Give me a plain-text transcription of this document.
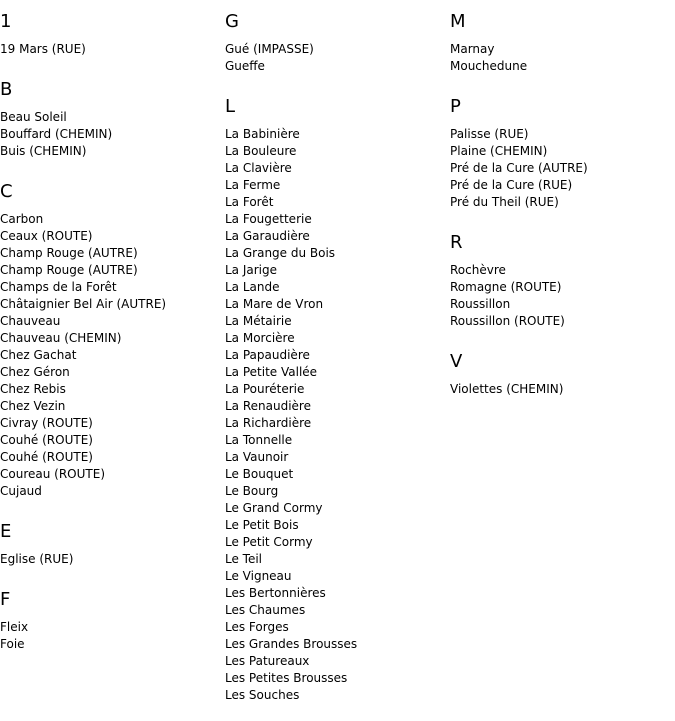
1
19 Mars (RUE)
B
Beau Soleil
Bouffard (CHEMIN)
Buis (CHEMIN)
C
Carbon
Ceaux (ROUTE)
Champ Rouge (AUTRE)
Champ Rouge (AUTRE)
Champs de la Forêt
Châtaignier Bel Air (AUTRE)
Chauveau
Chauveau (CHEMIN)
Chez Gachat
Chez Géron
Chez Rebis
Chez Vezin
Civray (ROUTE)
Couhé (ROUTE)
Couhé (ROUTE)
Coureau (ROUTE)
Cujaud
E
Eglise (RUE)
F
Fleix
Foie
G
Gué (IMPASSE)
Gueffe
L
La Babinière
La Bouleure
La Clavière
La Ferme
La Forêt
La Fougetterie
La Garaudière
La Grange du Bois
La Jarige
La Lande
La Mare de Vron
La Métairie
La Morcière
La Papaudière
La Petite Vallée
La Pouréterie
La Renaudière
La Richardière
La Tonnelle
La Vaunoir
Le Bouquet
Le Bourg
Le Grand Cormy
Le Petit Bois
Le Petit Cormy
Le Teil
Le Vigneau
Les Bertonnières
Les Chaumes
Les Forges
Les Grandes Brousses
Les Patureaux
Les Petites Brousses
Les Souches
M
Marnay
Mouchedune
P
Palisse (RUE)
Plaine (CHEMIN)
Pré de la Cure (AUTRE)
Pré de la Cure (RUE)
Pré du Theil (RUE)
R
Rochèvre
Romagne (ROUTE)
Roussillon
Roussillon (ROUTE)
V
Violettes (CHEMIN)
